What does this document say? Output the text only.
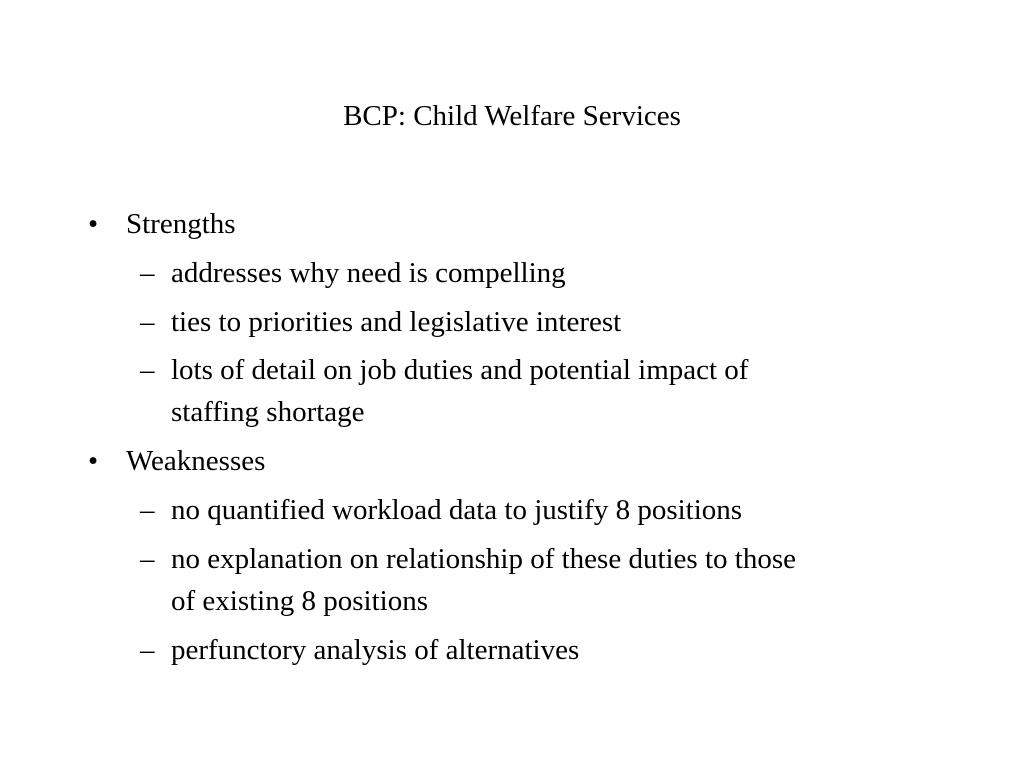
BCP: Child Welfare Services
• Strengths
– addresses why need is compelling
– ties to priorities and legislative interest
– lots of detail on job duties and potential impact of
staffing shortage
• Weaknesses
– no quantified workload data to justify 8 positions
– no explanation on relationship of these duties to those
of existing 8 positions
– perfunctory analysis of alternatives
